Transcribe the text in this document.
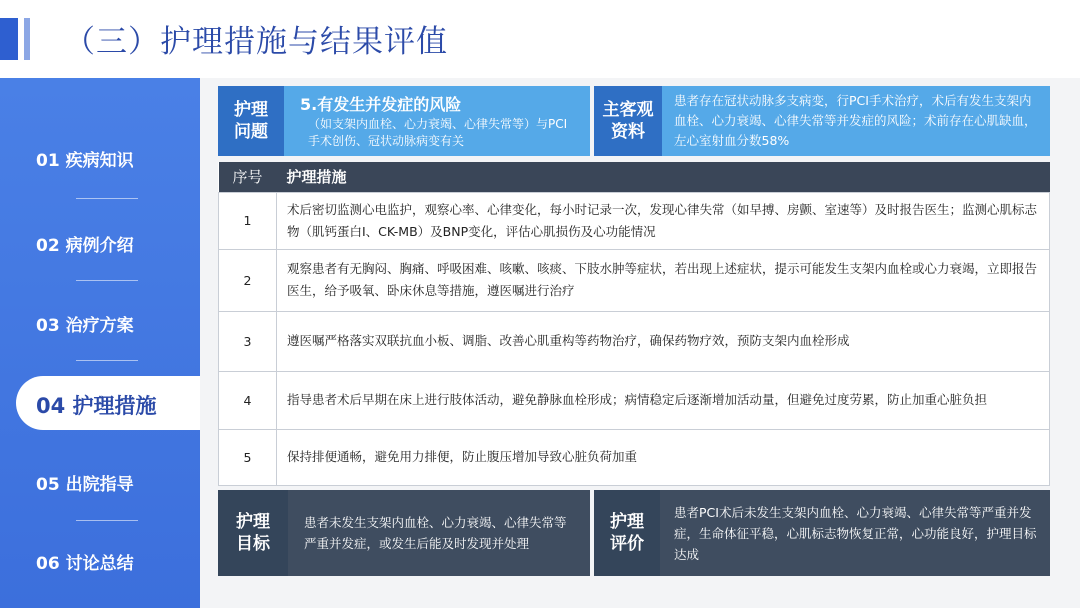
（三）护理措施与结果评值
01 疾病知识
02 病例介绍
03 治疗方案
04 护理措施
05 出院指导
06 讨论总结
护理问题
5.有发生并发症的风险
（如支架内血栓、心力衰竭、心律失常等）与PCI手术创伤、冠状动脉病变有关
主客观资料
患者存在冠状动脉多支病变，行PCI手术治疗，术后有发生支架内血栓、心力衰竭、心律失常等并发症的风险；术前存在心肌缺血，左心室射血分数58%
序号	护理措施
1	术后密切监测心电监护，观察心率、心律变化，每小时记录一次，发现心律失常（如早搏、房颤、室速等）及时报告医生；监测心肌标志物（肌钙蛋白I、CK-MB）及BNP变化，评估心肌损伤及心功能情况
2	观察患者有无胸闷、胸痛、呼吸困难、咳嗽、咳痰、下肢水肿等症状，若出现上述症状，提示可能发生支架内血栓或心力衰竭，立即报告医生，给予吸氧、卧床休息等措施，遵医嘱进行治疗
3	遵医嘱严格落实双联抗血小板、调脂、改善心肌重构等药物治疗，确保药物疗效，预防支架内血栓形成
4	指导患者术后早期在床上进行肢体活动，避免静脉血栓形成；病情稳定后逐渐增加活动量，但避免过度劳累，防止加重心脏负担
5	保持排便通畅，避免用力排便，防止腹压增加导致心脏负荷加重
护理目标
患者未发生支架内血栓、心力衰竭、心律失常等严重并发症，或发生后能及时发现并处理
护理评价
患者PCI术后未发生支架内血栓、心力衰竭、心律失常等严重并发症，生命体征平稳，心肌标志物恢复正常，心功能良好，护理目标达成
